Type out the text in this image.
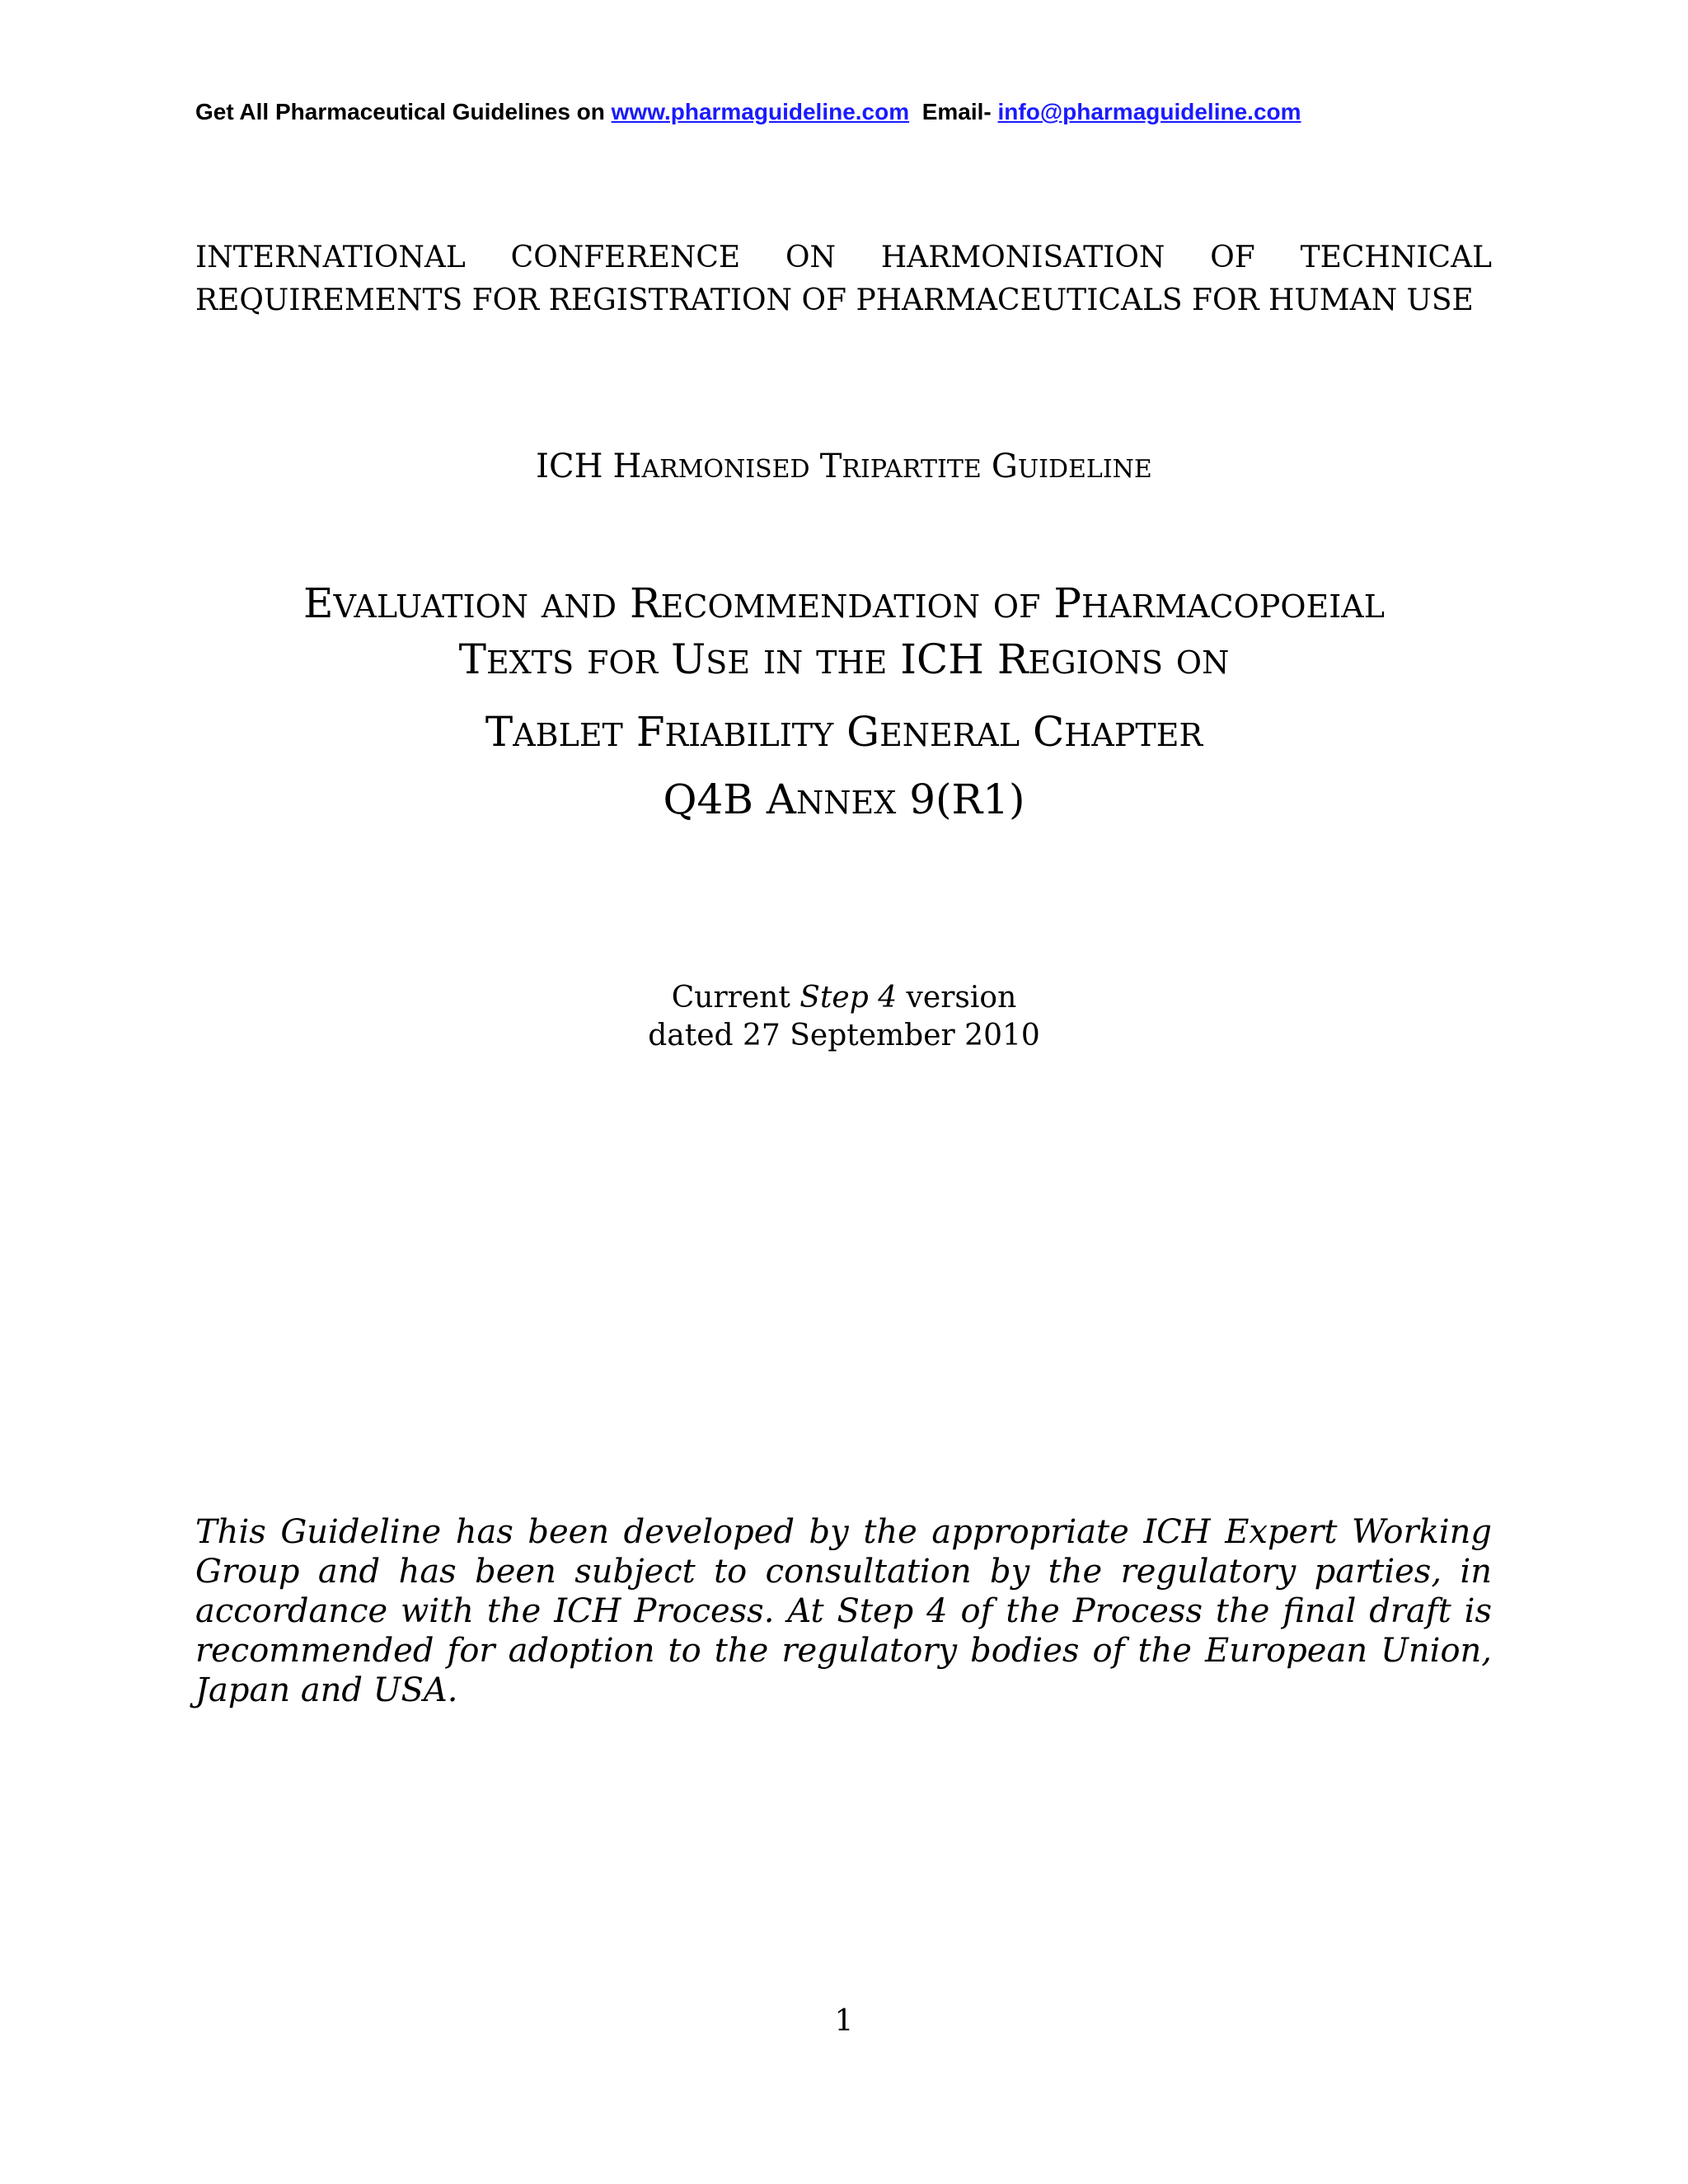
Get All Pharmaceutical Guidelines on www.pharmaguideline.com  Email- info@pharmaguideline.com
INTERNATIONAL CONFERENCE ON HARMONISATION OF TECHNICAL
REQUIREMENTS FOR REGISTRATION OF PHARMACEUTICALS FOR HUMAN USE
ICH HARMONISED TRIPARTITE GUIDELINE
EVALUATION AND RECOMMENDATION OF PHARMACOPOEIAL
TEXTS FOR USE IN THE ICH REGIONS ON
TABLET FRIABILITY GENERAL CHAPTER
Q4B ANNEX 9(R1)
Current Step 4 version
dated 27 September 2010
This Guideline has been developed by the appropriate ICH Expert Working Group and has been subject to consultation by the regulatory parties, in accordance with the ICH Process. At Step 4 of the Process the final draft is recommended for adoption to the regulatory bodies of the European Union, Japan and USA.
1
